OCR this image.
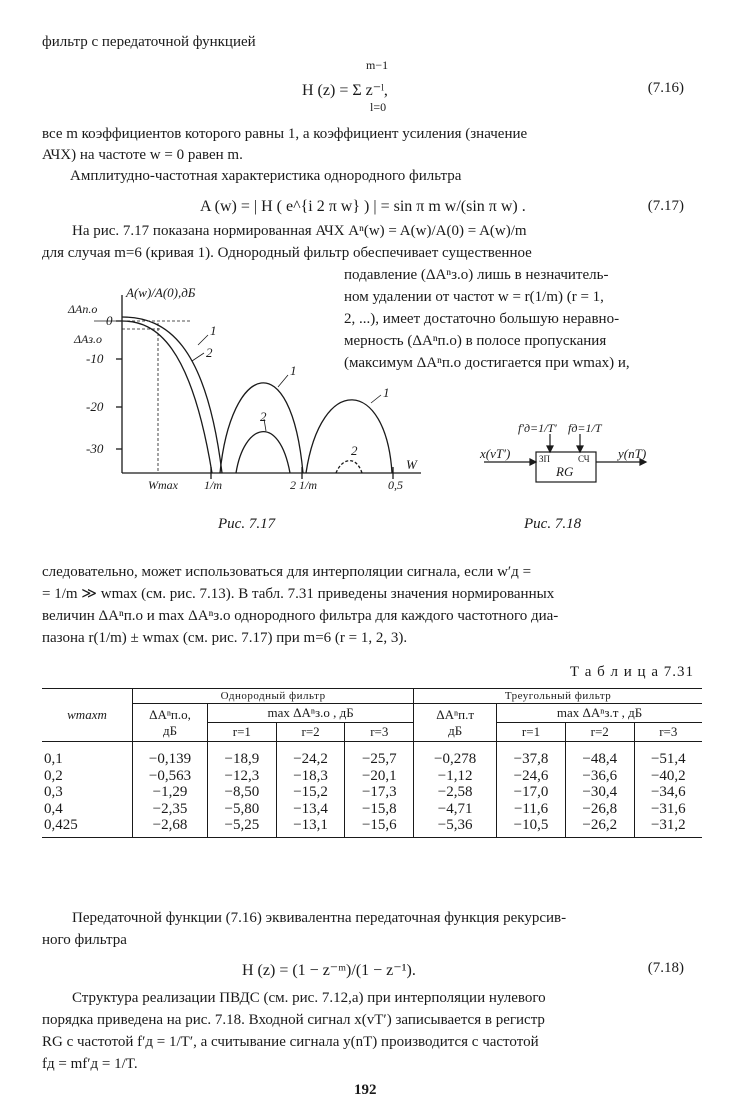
фильтр с передаточной функцией
H (z) = Σ z⁻ˡ,
m−1
l=0
(7.16)
все m коэффициентов которого равны 1, а коэффициент усиления (значение
АЧХ) на частоте w = 0 равен m.
Амплитудно-частотная характеристика однородного фильтра
A (w) = | H ( e^{i 2 π w} ) | = sin π m w/(sin π w) .	(7.17)
На рис. 7.17 показана нормированная АЧХ Aⁿ(w) = A(w)/A(0) = A(w)/m
для случая m=6 (кривая 1). Однородный фильтр обеспечивает существенное
подавление (ΔAⁿз.о) лишь в незначитель-
ном удалении от частот w = r(1/m) (r = 1,
2, ...), имеет достаточно большую неравно-
мерность (ΔAⁿп.о) в полосе пропускания
(максимум ΔAⁿп.о достигается при wmax) и,
A(w)/A(0),дБ
0
-10
-20
-30
ΔAп.о
ΔAз.о
Wmax 1/m	2 1/m	0,5
W
1
2
1
2
1
2	x(vT′)	y(nT)
f′д=1/T′ fд=1/T
RG
ЗП	СЧ
Рис. 7.17	Рис. 7.18
следовательно, может использоваться для интерполяции сигнала, если w′д =
= 1/m ≫ wmax (см. рис. 7.13). В табл. 7.31 приведены значения нормированных
величин ΔAⁿп.о и max ΔAⁿз.о однородного фильтра для каждого частотного диа-
пазона r(1/m) ± wmax (см. рис. 7.17) при m=6 (r = 1, 2, 3).
Т а б л и ц а 7.31
wmaxm	Однородный фильтр				Треугольный фильтр			
	ΔAⁿп.о,
дБ	max ΔAⁿз.о , дБ			ΔAⁿп.т
дБ	max ΔAⁿз.т , дБ		
		r=1	r=2	r=3		r=1	r=2	r=3
0,1	−0,139	−18,9	−24,2	−25,7	−0,278	−37,8	−48,4	−51,4
0,2	−0,563	−12,3	−18,3	−20,1	−1,12	−24,6	−36,6	−40,2
0,3	−1,29	−8,50	−15,2	−17,3	−2,58	−17,0	−30,4	−34,6
0,4	−2,35	−5,80	−13,4	−15,8	−4,71	−11,6	−26,8	−31,6
0,425	−2,68	−5,25	−13,1	−15,6	−5,36	−10,5	−26,2	−31,2
Передаточной функции (7.16) эквивалентна передаточная функция рекурсив-
ного фильтра
H (z) = (1 − z⁻ᵐ)/(1 − z⁻¹).	(7.18)
Структура реализации ПВДС (см. рис. 7.12,а) при интерполяции нулевого
порядка приведена на рис. 7.18. Входной сигнал x(vT′) записывается в регистр
RG с частотой f′д = 1/T′, а считывание сигнала y(nT) производится с частотой
fд = mf′д = 1/T.
192
